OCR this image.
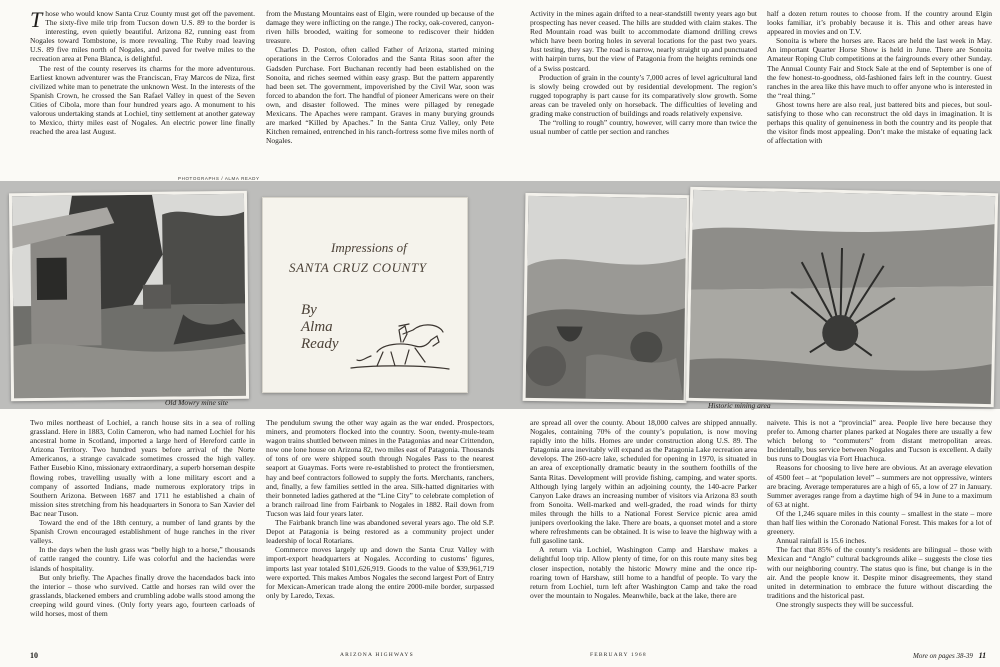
Those who would know Santa Cruz County must get off the pavement. The sixty-five mile trip from Tucson down U.S. 89 to the border is interesting, even quietly beautiful. Arizona 82, running east from Nogales toward Tombstone, is more revealing. The Ruby road leaving U.S. 89 five miles north of Nogales, and paved for twelve miles to the recreation area at Pena Blanca, is delightful.

The rest of the county reserves its charms for the more adventurous. Earliest known adventurer was the Franciscan, Fray Marcos de Niza, first civilized white man to penetrate the unknown West. In the interests of the Spanish Crown, he crossed the San Rafael Valley in quest of the Seven Cities of Cibola, more than four hundred years ago. A monument to his valorous undertaking stands at Lochiel, tiny settlement at another gateway to Mexico, thirty miles east of Nogales. An electric power line finally reached the area last August.

from the Mustang Mountains east of Elgin, were rounded up because of the damage they were inflicting on the range.) The rocky, oak-covered, canyon-riven hills brooded, waiting for someone to rediscover their hidden treasure.

Charles D. Poston, often called Father of Arizona, started mining operations in the Cerros Colorados and the Santa Ritas soon after the Gadsden Purchase. Fort Buchanan recently had been established on the Sonoita, and riches seemed within easy grasp. But the pattern apparently had been set. The government, impoverished by the Civil War, soon was forced to abandon the fort. The handful of pioneer Americans were on their own, and disaster followed. The mines were pillaged by renegade Mexicans. The Apaches were rampant. Graves in many burying grounds are marked “Killed by Apaches.” In the Santa Cruz Valley, only Pete Kitchen remained, entrenched in his ranch-fortress some five miles north of Nogales.

Activity in the mines again drifted to a near-standstill twenty years ago but prospecting has never ceased. The hills are studded with claim stakes. The Red Mountain road was built to accommodate diamond drilling crews which have been boring holes in several locations for the past two years. Just testing, they say. The road is narrow, nearly straight up and punctuated with hairpin turns, but the view of Patagonia from the heights reminds one of a Swiss postcard.

Production of grain in the county’s 7,000 acres of level agricultural land is slowly being crowded out by residential development. The region’s rugged topography is part cause for its comparatively slow growth. Some areas can be traveled only on horseback. The difficulties of leveling and grading make construction of buildings and roads relatively expensive.

The “rolling to rough” country, however, will carry more than twice the usual number of cattle per section and ranches

half a dozen return routes to choose from. If the country around Elgin looks familiar, it’s probably because it is. This and other areas have appeared in movies and on T.V.

Sonoita is where the horses are. Races are held the last week in May. An important Quarter Horse Show is held in June. There are Sonoita Amateur Roping Club competitions at the fairgrounds every other Sunday. The Annual County Fair and Stock Sale at the end of September is one of the few honest-to-goodness, old-fashioned fairs left in the country. Guest ranches in the area like this have much to offer anyone who is interested in the “real thing.”

Ghost towns here are also real, just battered bits and pieces, but soul-satisfying to those who can reconstruct the old days in imagination. It is perhaps this quality of genuineness in both the country and its people that the visitor finds most appealing. Don’t make the mistake of equating lack of affectation with

PHOTOGRAPHS / ALMA READY
Old Mowry mine site
Impressions of
SANTA CRUZ COUNTY
By
Alma
Ready
Historic mining area

Two miles northeast of Lochiel, a ranch house sits in a sea of rolling grassland. Here in 1883, Colin Cameron, who had named Lochiel for his ancestral home in Scotland, imported a large herd of Hereford cattle in Arizona Territory. Two hundred years before arrival of the Norte Americanos, a strange cavalcade sometimes crossed the high valley. Father Eusebio Kino, missionary extraordinary, a superb horseman despite flowing robes, travelling usually with a lone military escort and a company of assorted Indians, made numerous exploratory trips in Southern Arizona. Between 1687 and 1711 he established a chain of mission sites stretching from his headquarters in Sonora to San Xavier del Bac near Tuson.

Toward the end of the 18th century, a number of land grants by the Spanish Crown encouraged establishment of huge ranches in the river valleys.

In the days when the lush grass was “belly high to a horse,” thousands of cattle ranged the country. Life was colorful and the haciendas were islands of hospitality.

But only briefly. The Apaches finally drove the hacendados back into the interior – those who survived. Cattle and horses ran wild over the grasslands, blackened embers and crumbling adobe walls stood among the creeping wild gourd vines. (Only forty years ago, fourteen carloads of wild horses, most of them

The pendulum swung the other way again as the war ended. Prospectors, miners, and promoters flocked into the country. Soon, twenty-mule-team wagon trains shuttled between mines in the Patagonias and near Crittendon, now one lone house on Arizona 82, two miles east of Patagonia. Thousands of tons of ore were shipped south through Nogales Pass to the nearest seaport at Guaymas. Forts were re-established to protect the frontiersmen, hay and beef contractors followed to supply the forts. Merchants, ranchers, and, finally, a few families settled in the area. Silk-hatted dignitaries with their bonneted ladies gathered at the “Line City” to celebrate completion of a branch railroad line from Fairbank to Nogales in 1882. Rail down from Tucson was laid four years later.

The Fairbank branch line was abandoned several years ago. The old S.P. Depot at Patagonia is being restored as a community project under leadership of local Rotarians.

Commerce moves largely up and down the Santa Cruz Valley with import-export headquarters at Nogales. According to customs’ figures, imports last year totaled $101,626,919. Goods to the value of $39,961,719 were exported. This makes Ambos Nogales the second largest Port of Entry for Mexican-American trade along the entire 2000-mile border, surpassed only by Laredo, Texas.

are spread all over the county. About 18,000 calves are shipped annually. Nogales, containing 70% of the county’s population, is now moving rapidly into the hills. Homes are under construction along U.S. 89. The Patagonia area inevitably will expand as the Patagonia Lake recreation area develops. The 260-acre lake, scheduled for opening in 1970, is situated in an area of exceptionally dramatic beauty in the southern foothills of the Santa Ritas. Development will provide fishing, camping, and water sports. Although lying largely within an adjoining county, the 140-acre Parker Canyon Lake draws an increasing number of visitors via Arizona 83 south from Sonoita. Well-marked and well-graded, the road winds for thirty miles through the hills to a National Forest Service picnic area amid junipers overlooking the lake. There are boats, a quonset motel and a store where refreshments can be obtained. It is wise to leave the highway with a full gasoline tank.

A return via Lochiel, Washington Camp and Harshaw makes a delightful loop trip. Allow plenty of time, for on this route many sites beg closer inspection, notably the historic Mowry mine and the once rip-roaring town of Harshaw, still home to a handful of people. To vary the return from Lochiel, turn left after Washington Camp and take the road over the mountain to Nogales. Meanwhile, back at the lake, there are

naivete. This is not a “provincial” area. People live here because they prefer to. Among charter planes parked at Nogales there are usually a few which belong to “commuters” from distant metropolitan areas. Incidentally, bus service between Nogales and Tucson is excellent. A daily bus runs to Douglas via Fort Huachuca.

Reasons for choosing to live here are obvious. At an average elevation of 4500 feet – at “population level” – summers are not oppressive, winters are bracing. Average temperatures are a high of 65, a low of 27 in January. Summer averages range from a daytime high of 94 in June to a maximum of 63 at night.

Of the 1,246 square miles in this county – smallest in the state – more than half lies within the Coronado National Forest. This makes for a lot of greenery.

Annual rainfall is 15.6 inches.

The fact that 85% of the county’s residents are bilingual – those with Mexican and “Anglo” cultural backgrounds alike – suggests the close ties with our neighboring country. The status quo is fine, but change is in the air. And the people know it. Despite minor disagreements, they stand united in determination to embrace the future without discarding the traditions and the historical past.

One strongly suspects they will be successful.

10	ARIZONA HIGHWAYS	FEBRUARY 1968	More on pages 38-39 11
